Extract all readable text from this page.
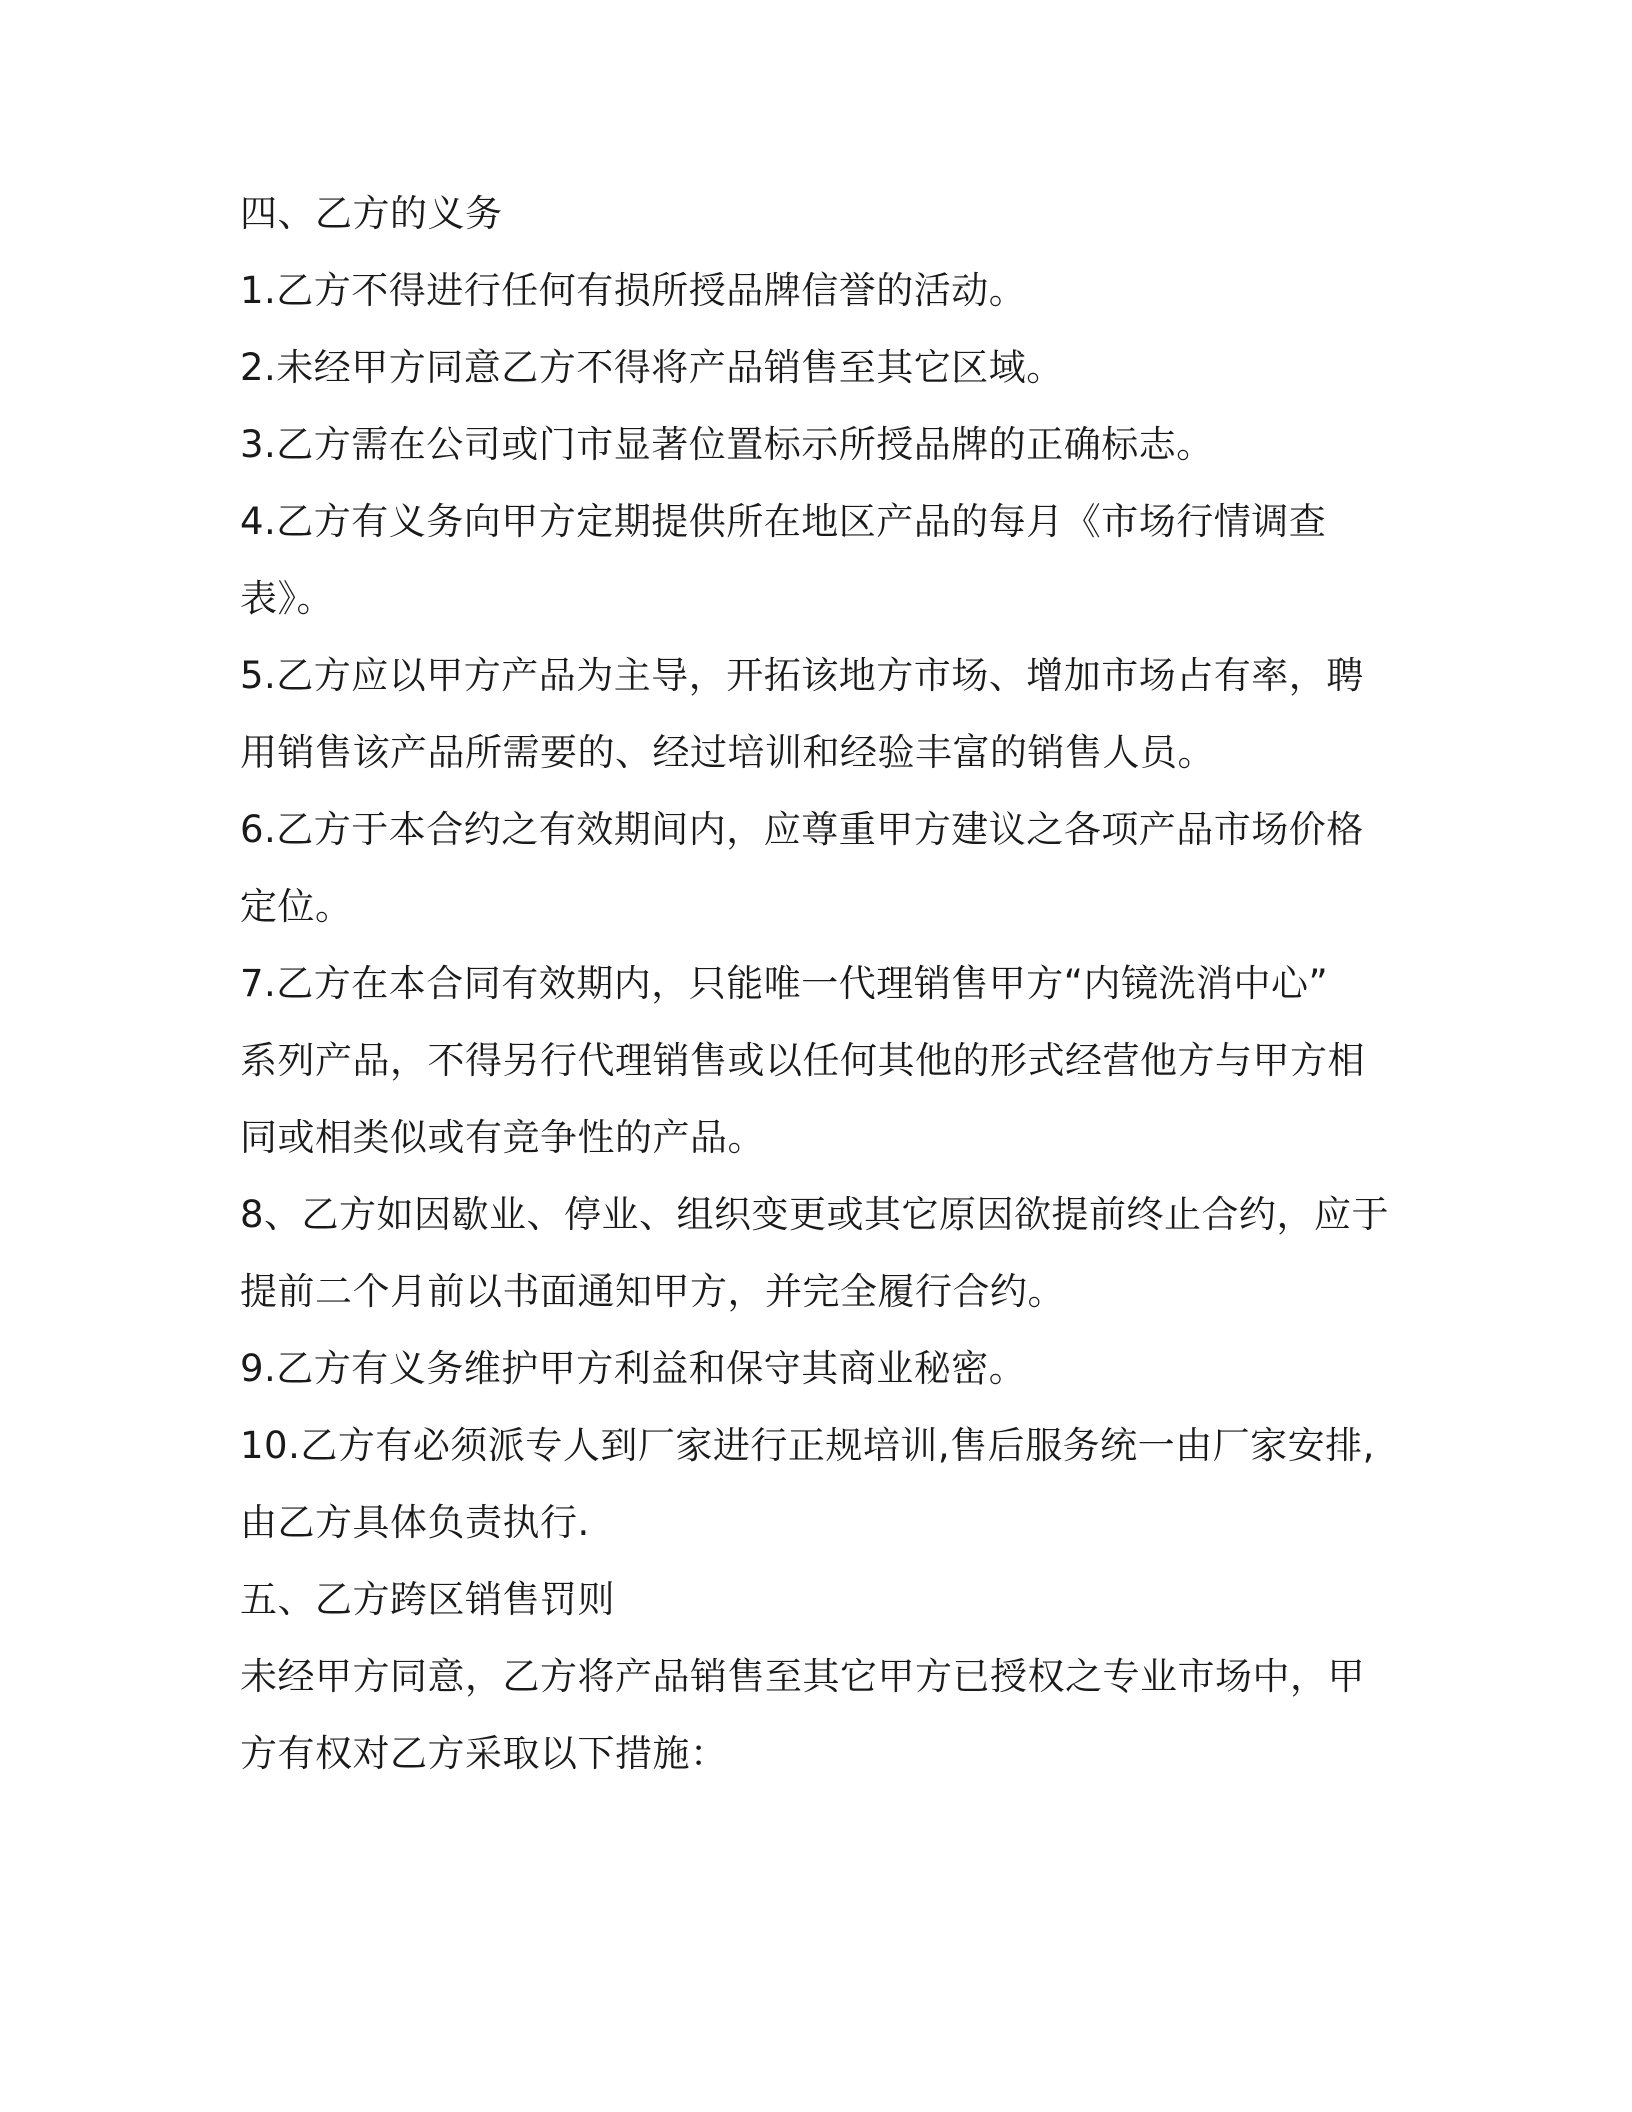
四、乙方的义务
1.乙方不得进行任何有损所授品牌信誉的活动。
2.未经甲方同意乙方不得将产品销售至其它区域。
3.乙方需在公司或门市显著位置标示所授品牌的正确标志。
4.乙方有义务向甲方定期提供所在地区产品的每月《市场行情调查
表》。
5.乙方应以甲方产品为主导，开拓该地方市场、增加市场占有率，聘
用销售该产品所需要的、经过培训和经验丰富的销售人员。
6.乙方于本合约之有效期间内，应尊重甲方建议之各项产品市场价格
定位。
7.乙方在本合同有效期内，只能唯一代理销售甲方“内镜洗消中心”
系列产品，不得另行代理销售或以任何其他的形式经营他方与甲方相
同或相类似或有竞争性的产品。
8、乙方如因歇业、停业、组织变更或其它原因欲提前终止合约，应于
提前二个月前以书面通知甲方，并完全履行合约。
9.乙方有义务维护甲方利益和保守其商业秘密。
10.乙方有必须派专人到厂家进行正规培训,售后服务统一由厂家安排,
由乙方具体负责执行.
五、乙方跨区销售罚则
未经甲方同意，乙方将产品销售至其它甲方已授权之专业市场中，甲
方有权对乙方采取以下措施：
